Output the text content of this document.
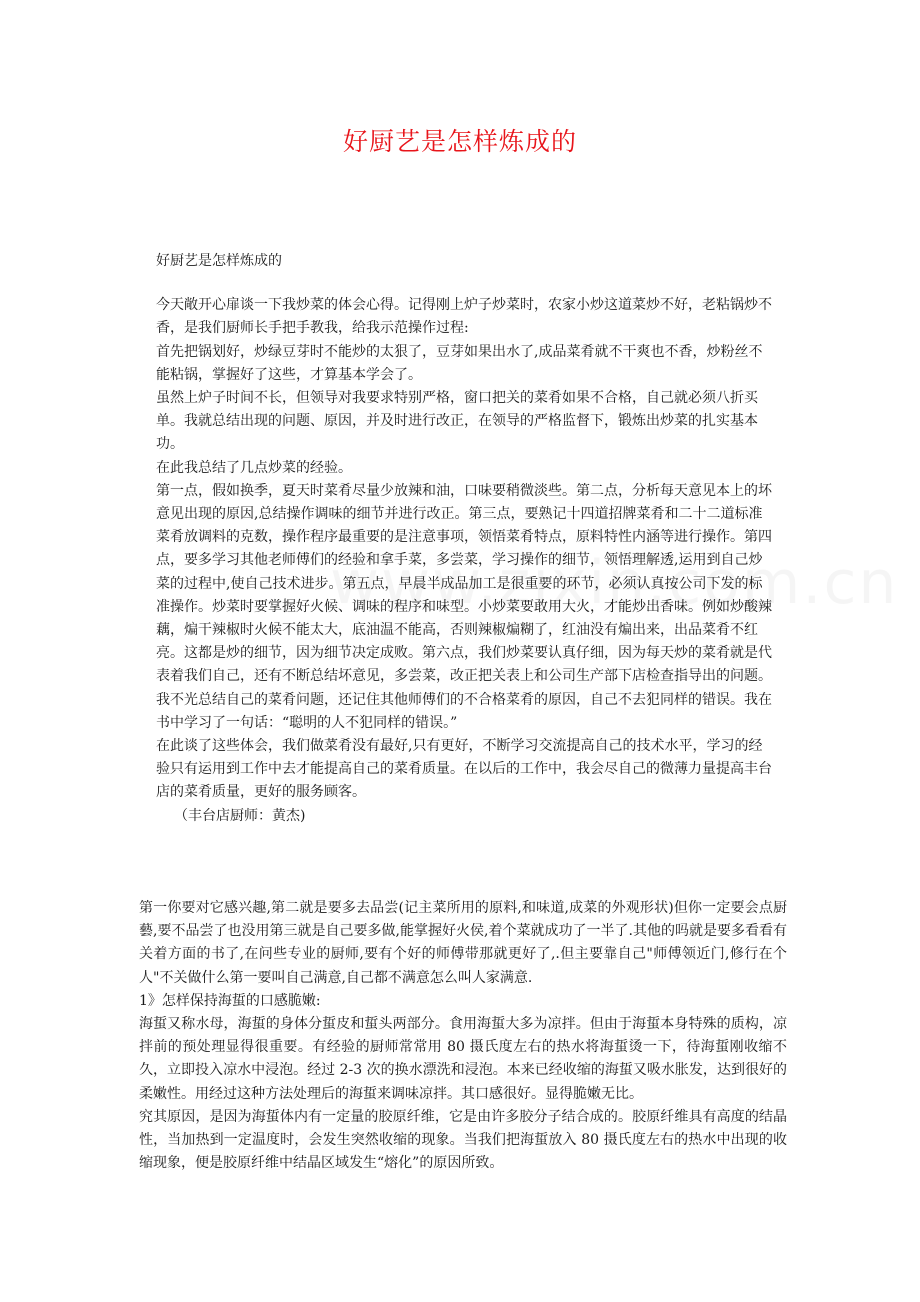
好厨艺是怎样炼成的

好厨艺是怎样炼成的

今天敞开心扉谈一下我炒菜的体会心得。记得刚上炉子炒菜时，农家小炒这道菜炒不好，老粘锅炒不香，是我们厨师长手把手教我，给我示范操作过程:

首先把锅划好，炒绿豆芽时不能炒的太狠了，豆芽如果出水了,成品菜肴就不干爽也不香，炒粉丝不能粘锅，掌握好了这些，才算基本学会了。

虽然上炉子时间不长，但领导对我要求特别严格，窗口把关的菜肴如果不合格，自己就必须八折买单。我就总结出现的问题、原因，并及时进行改正，在领导的严格监督下，锻炼出炒菜的扎实基本功。

在此我总结了几点炒菜的经验。

第一点，假如换季，夏天时菜肴尽量少放辣和油，口味要稍微淡些。第二点，分析每天意见本上的坏意见出现的原因,总结操作调味的细节并进行改正。第三点，要熟记十四道招牌菜肴和二十二道标准菜肴放调料的克数，操作程序最重要的是注意事项，领悟菜肴特点，原料特性内涵等进行操作。第四点，要多学习其他老师傅们的经验和拿手菜，多尝菜，学习操作的细节，领悟理解透,运用到自己炒菜的过程中,使自己技术进步。第五点，早晨半成品加工是很重要的环节，必须认真按公司下发的标准操作。炒菜时要掌握好火候、调味的程序和味型。小炒菜要敢用大火，才能炒出香味。例如炒酸辣藕，煸干辣椒时火候不能太大，底油温不能高，否则辣椒煸糊了，红油没有煸出来，出品菜肴不红亮。这都是炒的细节，因为细节决定成败。第六点，我们炒菜要认真仔细，因为每天炒的菜肴就是代表着我们自己，还有不断总结坏意见，多尝菜，改正把关表上和公司生产部下店检查指导出的问题。我不光总结自己的菜肴问题，还记住其他师傅们的不合格菜肴的原因，自己不去犯同样的错误。我在书中学习了一句话：“聪明的人不犯同样的错误。”

在此谈了这些体会，我们做菜肴没有最好,只有更好，不断学习交流提高自己的技术水平，学习的经验只有运用到工作中去才能提高自己的菜肴质量。在以后的工作中，我会尽自己的微薄力量提高丰台店的菜肴质量，更好的服务顾客。

（丰台店厨师：黄杰)

第一你要对它感兴趣,第二就是要多去品尝(记主菜所用的原料,和味道,成菜的外观形状)但你一定要会点厨藝,要不品尝了也没用第三就是自己要多做,能掌握好火侯,着个菜就成功了一半了.其他的吗就是要多看看有关着方面的书了,在问些专业的厨师,要有个好的师傅带那就更好了,.但主要靠自己"师傅领近门,修行在个人"不关做什么第一要叫自己满意,自己都不满意怎么叫人家满意.

1》怎样保持海蜇的口感脆嫩:

海蜇又称水母，海蜇的身体分蜇皮和蜇头两部分。食用海蜇大多为凉拌。但由于海蜇本身特殊的质构，凉拌前的预处理显得很重要。有经验的厨师常常用 80 摄氏度左右的热水将海蜇烫一下，待海蜇刚收缩不久，立即投入凉水中浸泡。经过 2-3 次的换水漂洗和浸泡。本来已经收缩的海蜇又吸水胀发，达到很好的柔嫩性。用经过这种方法处理后的海蜇来调味凉拌。其口感很好。显得脆嫩无比。

究其原因，是因为海蜇体内有一定量的胶原纤维，它是由许多胶分子结合成的。胶原纤维具有高度的结晶性，当加热到一定温度时，会发生突然收缩的现象。当我们把海蜇放入 80 摄氏度左右的热水中出现的收缩现象，便是胶原纤维中结晶区域发生“熔化”的原因所致。
